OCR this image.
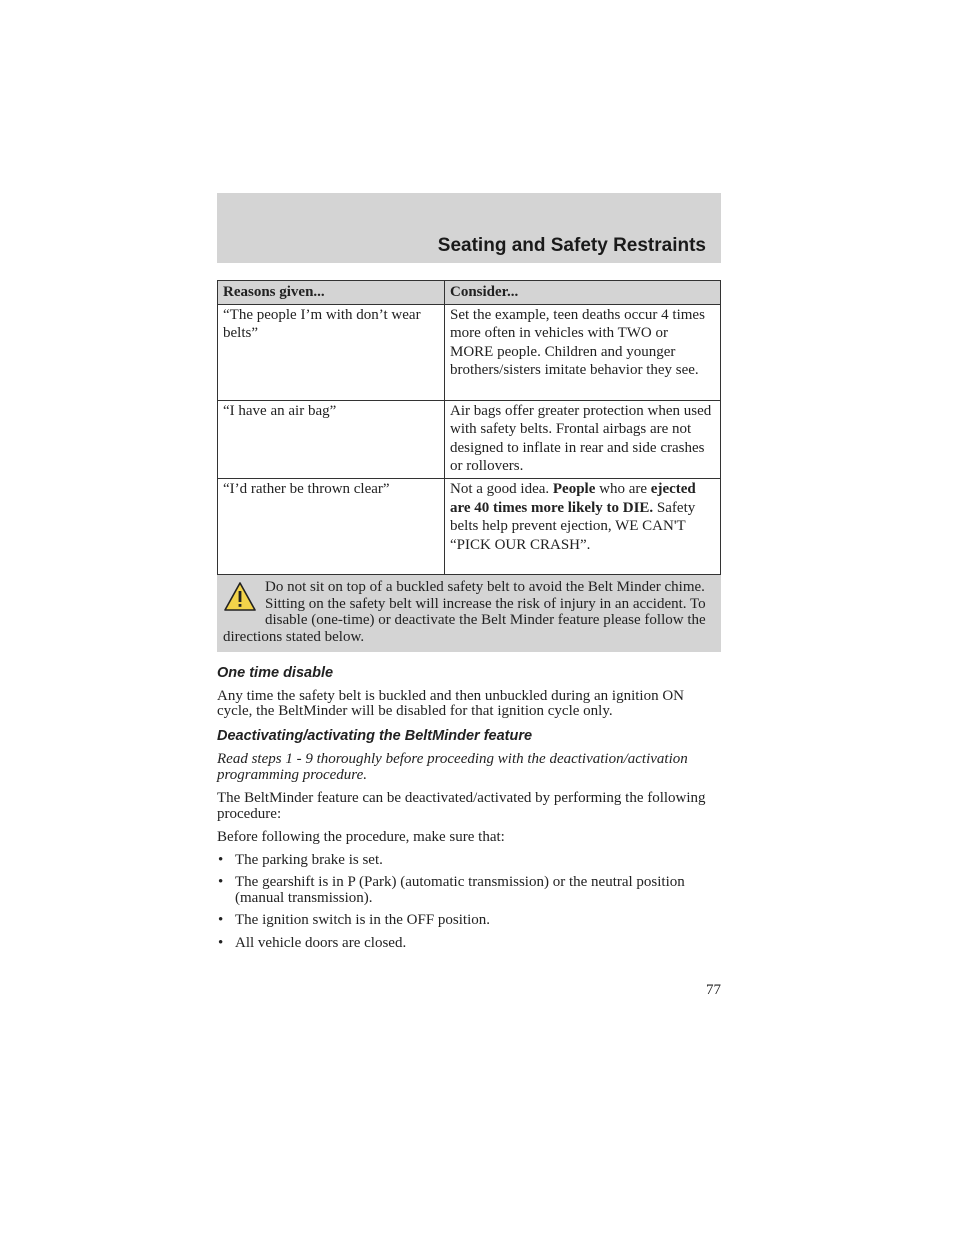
Seating and Safety Restraints
Reasons given...	Consider...
“The people I’m with don’t wear belts”	Set the example, teen deaths occur 4 times more often in vehicles with TWO or MORE people. Children and younger brothers/sisters imitate behavior they see.
“I have an air bag”	Air bags offer greater protection when used with safety belts. Frontal airbags are not designed to inflate in rear and side crashes or rollovers.
“I’d rather be thrown clear”	Not a good idea. People who are ejected are 40 times more likely to DIE. Safety belts help prevent ejection, WE CAN'T “PICK OUR CRASH”.
Do not sit on top of a buckled safety belt to avoid the Belt Minder chime. Sitting on the safety belt will increase the risk of injury in an accident. To disable (one-time) or deactivate the Belt Minder feature please follow the directions stated below.
One time disable

Any time the safety belt is buckled and then unbuckled during an ignition ON cycle, the BeltMinder will be disabled for that ignition cycle only.

Deactivating/activating the BeltMinder feature

Read steps 1 - 9 thoroughly before proceeding with the deactivation/activation programming procedure.

The BeltMinder feature can be deactivated/activated by performing the following procedure:

Before following the procedure, make sure that:

• The parking brake is set.
• The gearshift is in P (Park) (automatic transmission) or the neutral position (manual transmission).
• The ignition switch is in the OFF position.
• All vehicle doors are closed.
77
